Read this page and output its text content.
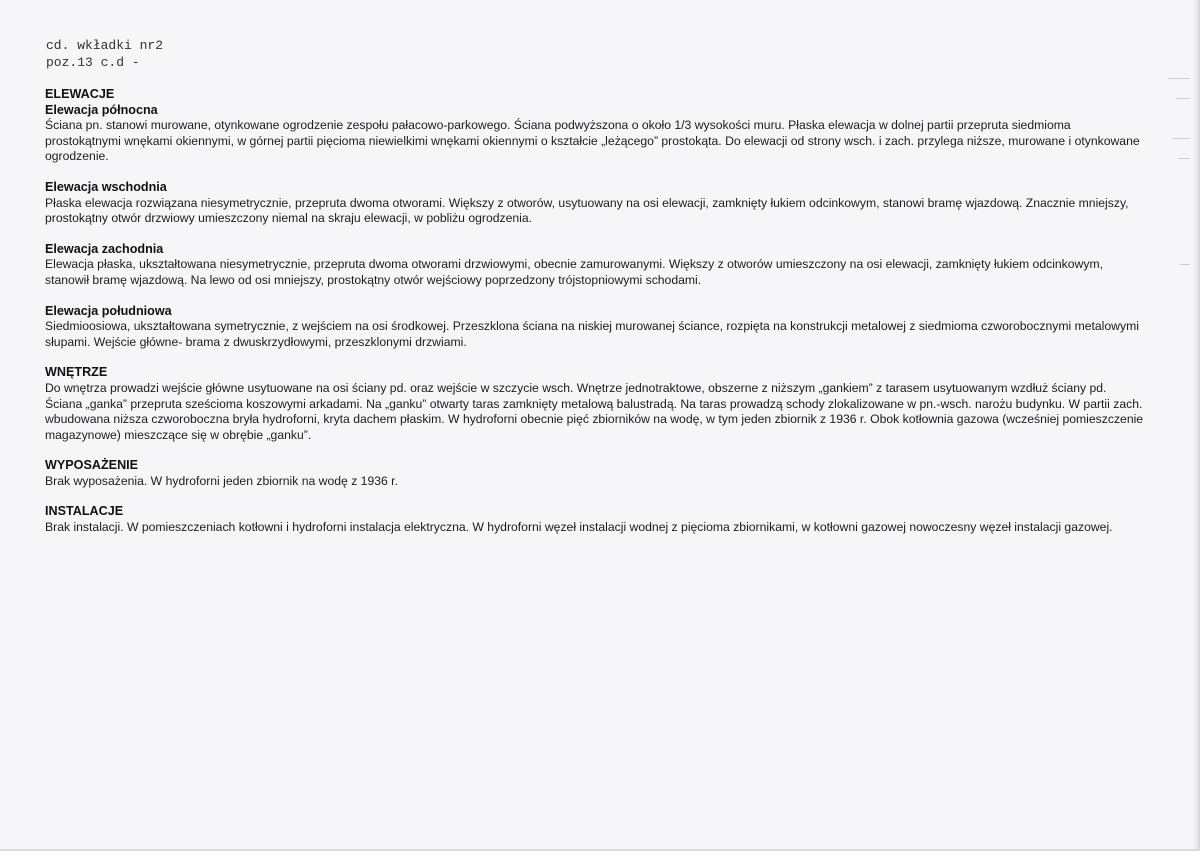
cd. wkładki nr2
poz.13 c.d -
ELEWACJE
Elewacja północna

Ściana pn. stanowi murowane, otynkowane ogrodzenie zespołu pałacowo-parkowego. Ściana podwyższona o około 1/3 wysokości muru. Płaska elewacja w dolnej partii przepruta siedmioma prostokątnymi wnękami okiennymi, w górnej partii pięcioma niewielkimi wnękami okiennymi o kształcie „leżącego” prostokąta. Do elewacji od strony wsch. i zach. przylega niższe, murowane i otynkowane ogrodzenie.

Elewacja wschodnia

Płaska elewacja rozwiązana niesymetrycznie, przepruta dwoma otworami. Większy z otworów, usytuowany na osi elewacji, zamknięty łukiem odcinkowym, stanowi bramę wjazdową. Znacznie mniejszy, prostokątny otwór drzwiowy umieszczony niemal na skraju elewacji, w pobliżu ogrodzenia.

Elewacja zachodnia

Elewacja płaska, ukształtowana niesymetrycznie, przepruta dwoma otworami drzwiowymi, obecnie zamurowanymi. Większy z otworów umieszczony na osi elewacji, zamknięty łukiem odcinkowym, stanowił bramę wjazdową. Na lewo od osi mniejszy, prostokątny otwór wejściowy poprzedzony trójstopniowymi schodami.

Elewacja południowa

Siedmioosiowa, ukształtowana symetrycznie, z wejściem na osi środkowej. Przeszklona ściana na niskiej murowanej ściance, rozpięta na konstrukcji metalowej z siedmioma czworobocznymi metalowymi słupami. Wejście główne- brama z dwuskrzydłowymi, przeszklonymi drzwiami.

WNĘTRZE

Do wnętrza prowadzi wejście główne usytuowane na osi ściany pd. oraz wejście w szczycie wsch. Wnętrze jednotraktowe, obszerne z niższym „gankiem” z tarasem usytuowanym wzdłuż ściany pd. Ściana „ganka” przepruta sześcioma koszowymi arkadami. Na „ganku” otwarty taras zamknięty metalową balustradą. Na taras prowadzą schody zlokalizowane w pn.-wsch. narożu budynku. W partii zach. wbudowana niższa czworoboczna bryła hydroforni, kryta dachem płaskim. W hydroforni obecnie pięć zbiorników na wodę, w tym jeden zbiornik z 1936 r. Obok kotłownia gazowa (wcześniej pomieszczenie magazynowe) mieszczące się w obrębie „ganku”.

WYPOSAŻENIE

Brak wyposażenia. W hydroforni jeden zbiornik na wodę z 1936 r.

INSTALACJE

Brak instalacji. W pomieszczeniach kotłowni i hydroforni instalacja elektryczna. W hydroforni węzeł instalacji wodnej z pięcioma zbiornikami, w kotłowni gazowej nowoczesny węzeł instalacji gazowej.
